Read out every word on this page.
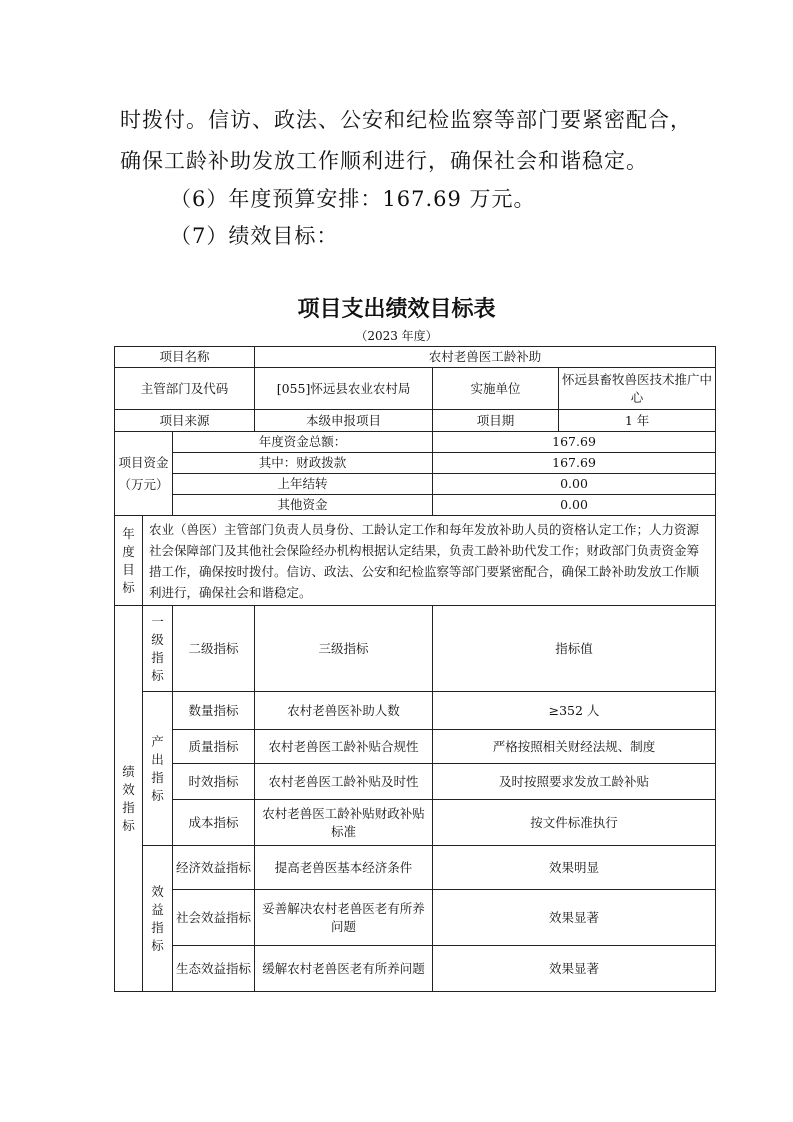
时拨付。信访、政法、公安和纪检监察等部门要紧密配合，
确保工龄补助发放工作顺利进行，确保社会和谐稳定。
（6）年度预算安排：167.69 万元。
（7）绩效目标：
项目支出绩效目标表
（2023 年度）
项目名称			农村老兽医工龄补助		
主管部门及代码			[055]怀远县农业农村局	实施单位	怀远县畜牧兽医技术推广中心
项目来源			本级申报项目	项目期	1 年
项目资金（万元）		年度资金总额：		167.69	
		其中：财政拨款		167.69	
		上年结转		0.00	
		其他资金		0.00	
年度目标	农业（兽医）主管部门负责人员身份、工龄认定工作和每年发放补助人员的资格认定工作；人力资源社会保障部门及其他社会保险经办机构根据认定结果，负责工龄补助代发工作；财政部门负责资金筹措工作，确保按时拨付。信访、政法、公安和纪检监察等部门要紧密配合，确保工龄补助发放工作顺利进行，确保社会和谐稳定。				
绩效指标	一级指标	二级指标	三级指标	指标值	
	产出指标	数量指标	农村老兽医补助人数	≥352 人	
		质量指标	农村老兽医工龄补贴合规性	严格按照相关财经法规、制度	
		时效指标	农村老兽医工龄补贴及时性	及时按照要求发放工龄补贴	
		成本指标	农村老兽医工龄补贴财政补贴标准	按文件标准执行	
	效益指标	经济效益指标	提高老兽医基本经济条件	效果明显	
		社会效益指标	妥善解决农村老兽医老有所养问题	效果显著	
		生态效益指标	缓解农村老兽医老有所养问题	效果显著	
